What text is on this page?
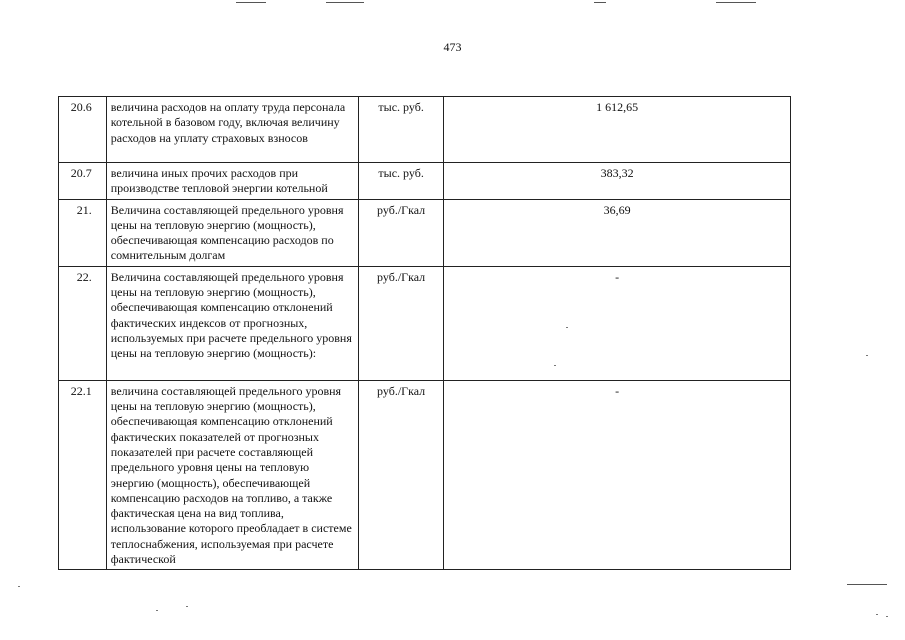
473
20.6	величина расходов на оплату труда персонала котельной в базовом году, включая величину расходов на уплату страховых взносов	тыс. руб.	1 612,65
20.7	величина иных прочих расходов при производстве тепловой энергии котельной	тыс. руб.	383,32
21.	Величина составляющей предельного уровня цены на тепловую энергию (мощность), обеспечивающая компенсацию расходов по сомнительным долгам	руб./Гкал	36,69
22.	Величина составляющей предельного уровня цены на тепловую энергию (мощность), обеспечивающая компенсацию отклонений фактических индексов от прогнозных, используемых при расчете предельного уровня цены на тепловую энергию (мощность):	руб./Гкал	-
22.1	величина составляющей предельного уровня цены на тепловую энергию (мощность), обеспечивающая компенсацию отклонений фактических показателей от прогнозных показателей при расчете составляющей предельного уровня цены на тепловую энергию (мощность), обеспечивающей компенсацию расходов на топливо, а также фактическая цена на вид топлива, использование которого преобладает в системе теплоснабжения, используемая при расчете фактической	руб./Гкал	-
